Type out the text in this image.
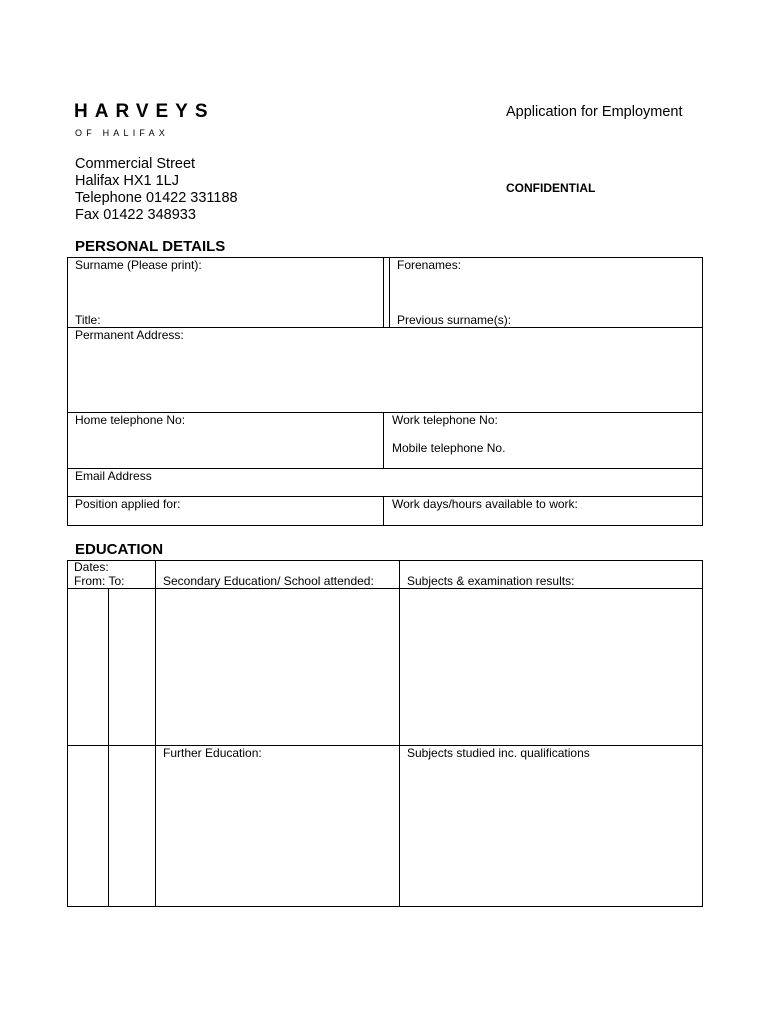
HARVEYS
OF HALIFAX
Application for Employment
CONFIDENTIAL
Commercial Street
Halifax HX1 1LJ
Telephone 01422 331188
Fax 01422 348933
PERSONAL DETAILS
Surname (Please print):	Forenames:
Title:	Previous surname(s):
Permanent Address:
Home telephone No:	Work telephone No:
Mobile telephone No.
Email Address
Position applied for:	Work days/hours available to work:
EDUCATION
Dates:
From: To:	Secondary Education/ School attended:	Subjects & examination results:
Further Education:	Subjects studied inc. qualifications
